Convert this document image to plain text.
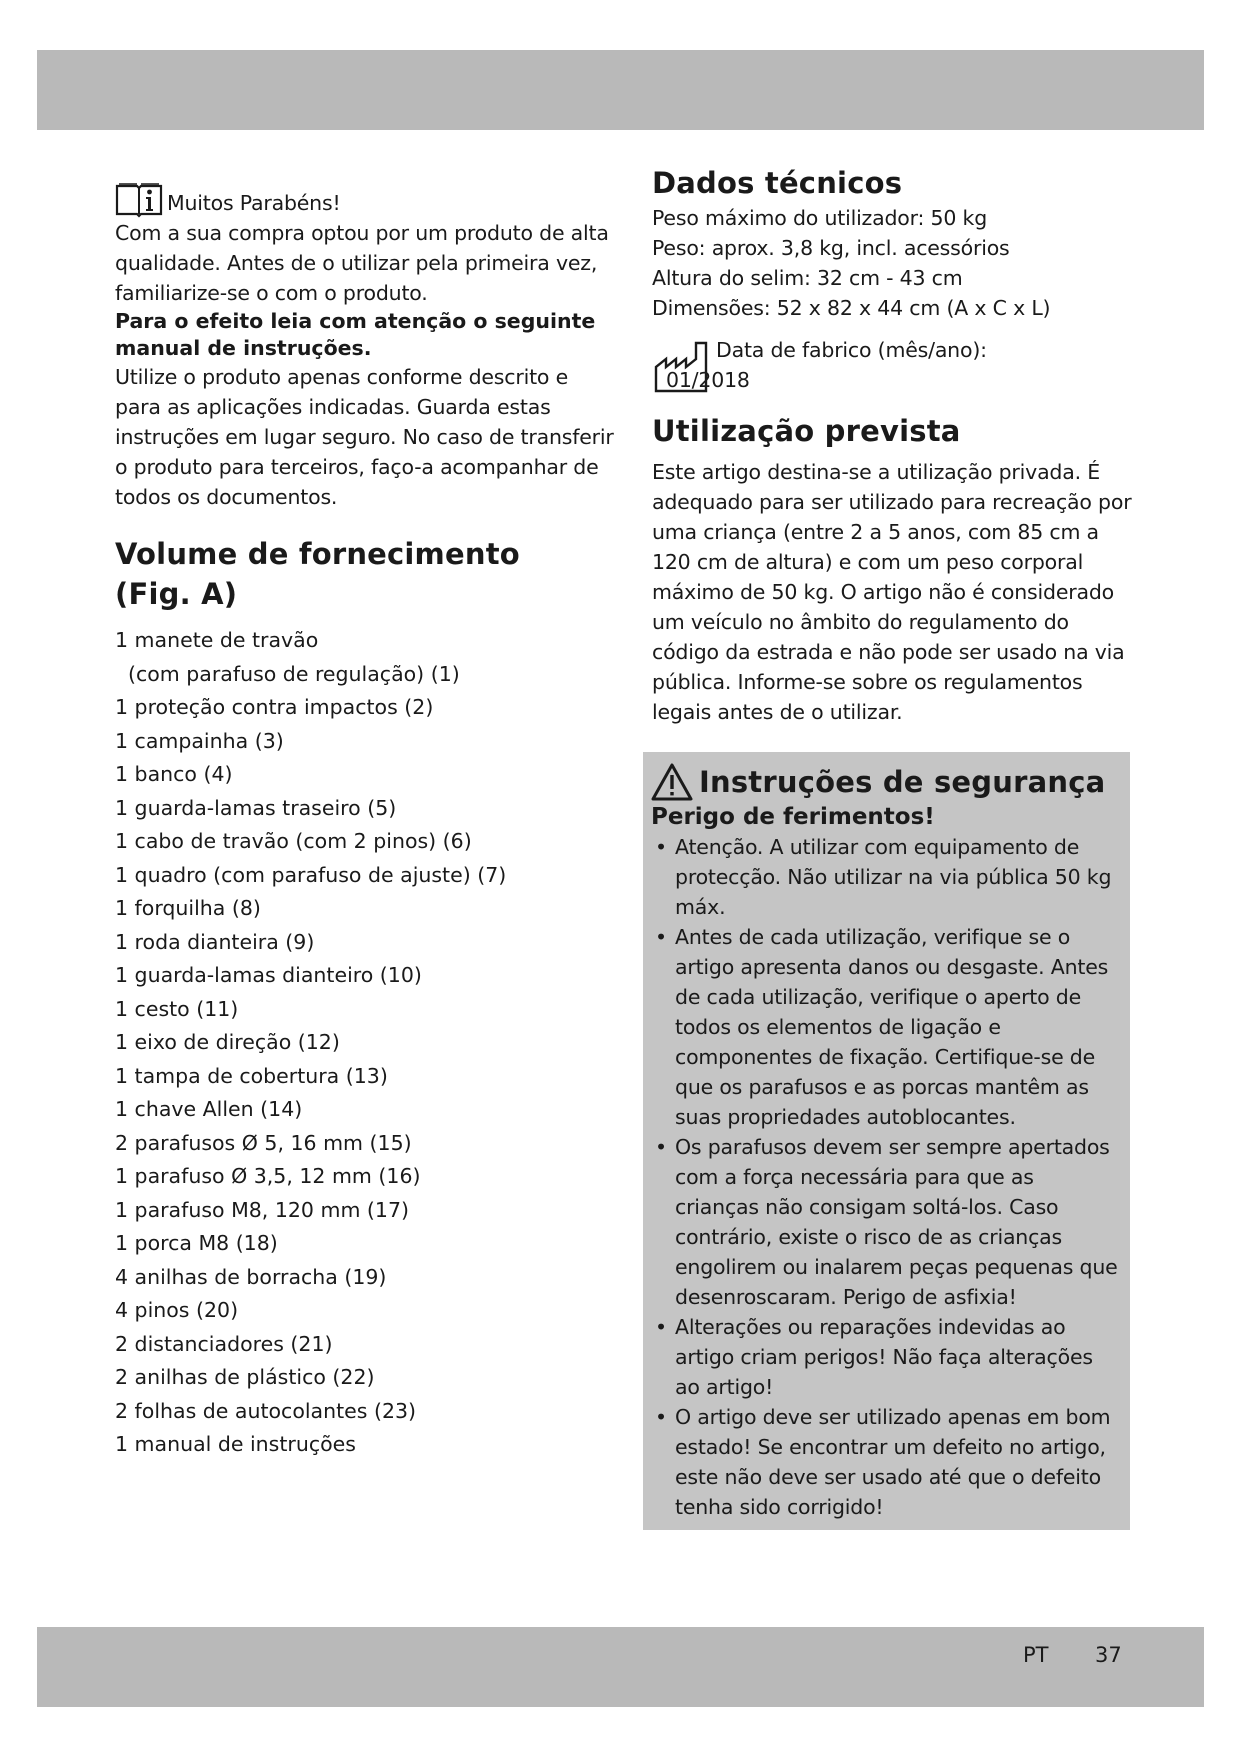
Muitos Parabéns!
Com a sua compra optou por um produto de alta qualidade. Antes de o utilizar pela primeira vez, familiarize-se o com o produto.
Para o efeito leia com atenção o seguinte manual de instruções.
Utilize o produto apenas conforme descrito e para as aplicações indicadas. Guarda estas instruções em lugar seguro. No caso de transferir o produto para terceiros, faço-a acompanhar de todos os documentos.
Volume de fornecimento (Fig. A)
1 manete de travão
(com parafuso de regulação) (1)
1 proteção contra impactos (2)
1 campainha (3)
1 banco (4)
1 guarda-lamas traseiro (5)
1 cabo de travão (com 2 pinos) (6)
1 quadro (com parafuso de ajuste) (7)
1 forquilha (8)
1 roda dianteira (9)
1 guarda-lamas dianteiro (10)
1 cesto (11)
1 eixo de direção (12)
1 tampa de cobertura (13)
1 chave Allen (14)
2 parafusos Ø 5, 16 mm (15)
1 parafuso Ø 3,5, 12 mm (16)
1 parafuso M8, 120 mm (17)
1 porca M8 (18)
4 anilhas de borracha (19)
4 pinos (20)
2 distanciadores (21)
2 anilhas de plástico (22)
2 folhas de autocolantes (23)
1 manual de instruções
Dados técnicos
Peso máximo do utilizador: 50 kg
Peso: aprox. 3,8 kg, incl. acessórios
Altura do selim: 32 cm - 43 cm
Dimensões: 52 x 82 x 44 cm (A x C x L)
Data de fabrico (mês/ano):
01/2018
Utilização prevista
Este artigo destina-se a utilização privada. É adequado para ser utilizado para recreação por uma criança (entre 2 a 5 anos, com 85 cm a 120 cm de altura) e com um peso corporal máximo de 50 kg. O artigo não é considerado um veículo no âmbito do regulamento do código da estrada e não pode ser usado na via pública. Informe-se sobre os regulamentos legais antes de o utilizar.
Instruções de segurança
Perigo de ferimentos!
• Atenção. A utilizar com equipamento de protecção. Não utilizar na via pública 50 kg máx.
• Antes de cada utilização, verifique se o artigo apresenta danos ou desgaste. Antes de cada utilização, verifique o aperto de todos os elementos de ligação e componentes de fixação. Certifique-se de que os parafusos e as porcas mantêm as suas propriedades autoblocantes.
• Os parafusos devem ser sempre apertados com a força necessária para que as crianças não consigam soltá-los. Caso contrário, existe o risco de as crianças engolirem ou inalarem peças pequenas que desenroscaram. Perigo de asfixia!
• Alterações ou reparações indevidas ao artigo criam perigos! Não faça alterações ao artigo!
• O artigo deve ser utilizado apenas em bom estado! Se encontrar um defeito no artigo, este não deve ser usado até que o defeito tenha sido corrigido!
PT 37
